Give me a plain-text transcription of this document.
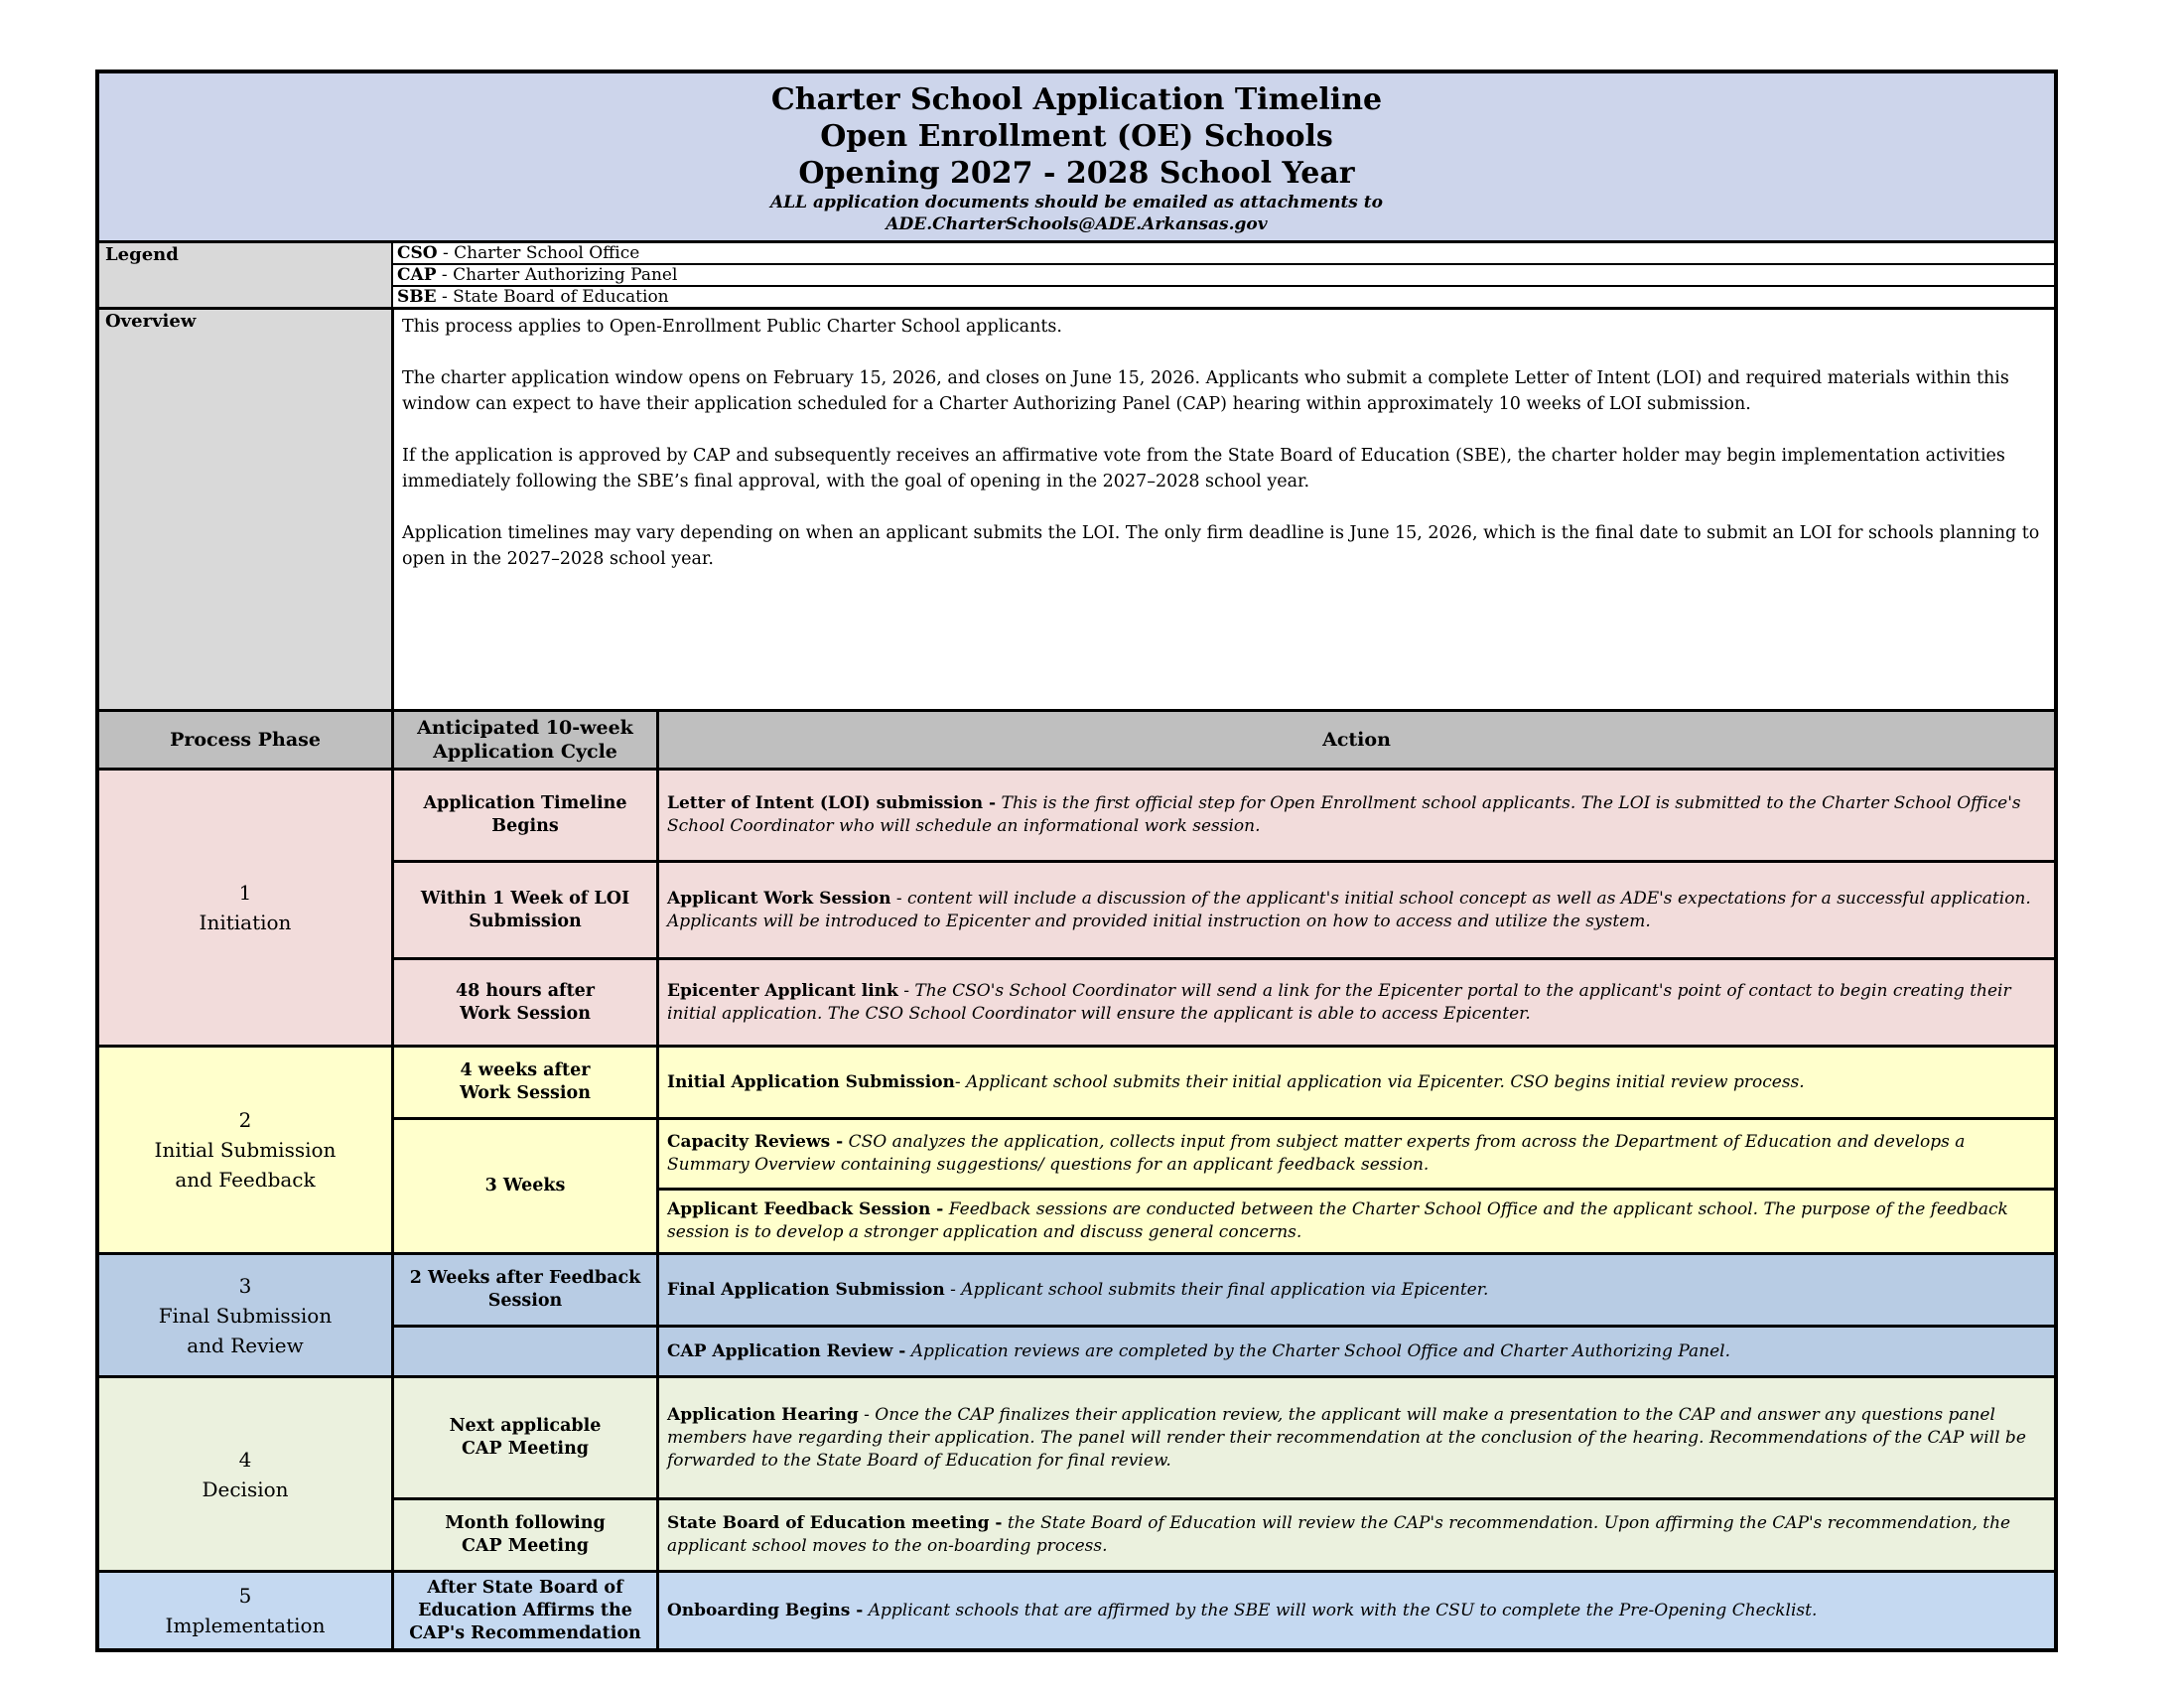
Charter School Application Timeline
Open Enrollment (OE) Schools
Opening 2027 - 2028 School Year
ALL application documents should be emailed as attachments to
ADE.CharterSchools@ADE.Arkansas.gov
Legend	CSO - Charter School Office
CAP - Charter Authorizing Panel
SBE - State Board of Education
Overview	This process applies to Open-Enrollment Public Charter School applicants.
The charter application window opens on February 15, 2026, and closes on June 15, 2026. Applicants who submit a complete Letter of Intent (LOI) and required materials within this window can expect to have their application scheduled for a Charter Authorizing Panel (CAP) hearing within approximately 10 weeks of LOI submission.
If the application is approved by CAP and subsequently receives an affirmative vote from the State Board of Education (SBE), the charter holder may begin implementation activities immediately following the SBE’s final approval, with the goal of opening in the 2027–2028 school year.
Application timelines may vary depending on when an applicant submits the LOI. The only firm deadline is June 15, 2026, which is the final date to submit an LOI for schools planning to open in the 2027–2028 school year.
Process Phase
Anticipated 10-week
Application Cycle
Action
1
Initiation
Application Timeline
Begins
Letter of Intent (LOI) submission - This is the first official step for Open Enrollment school applicants. The LOI is submitted to the Charter School Office's School Coordinator who will schedule an informational work session.
Within 1 Week of LOI
Submission
Applicant Work Session - content will include a discussion of the applicant's initial school concept as well as ADE's expectations for a successful application. Applicants will be introduced to Epicenter and provided initial instruction on how to access and utilize the system.
48 hours after
Work Session
Epicenter Applicant link - The CSO's School Coordinator will send a link for the Epicenter portal to the applicant's point of contact to begin creating their initial application. The CSO School Coordinator will ensure the applicant is able to access Epicenter.
2
Initial Submission
and Feedback
4 weeks after
Work Session
Initial Application Submission- Applicant school submits their initial application via Epicenter. CSO begins initial review process.
3 Weeks
Capacity Reviews - CSO analyzes the application, collects input from subject matter experts from across the Department of Education and develops a Summary Overview containing suggestions/ questions for an applicant feedback session.
Applicant Feedback Session - Feedback sessions are conducted between the Charter School Office and the applicant school. The purpose of the feedback session is to develop a stronger application and discuss general concerns.
3
Final Submission
and Review
2 Weeks after Feedback
Session
Final Application Submission - Applicant school submits their final application via Epicenter.
CAP Application Review - Application reviews are completed by the Charter School Office and Charter Authorizing Panel.
4
Decision
Next applicable
CAP Meeting
Application Hearing - Once the CAP finalizes their application review, the applicant will make a presentation to the CAP and answer any questions panel members have regarding their application. The panel will render their recommendation at the conclusion of the hearing. Recommendations of the CAP will be forwarded to the State Board of Education for final review.
Month following
CAP Meeting
State Board of Education meeting - the State Board of Education will review the CAP's recommendation. Upon affirming the CAP's recommendation, the applicant school moves to the on-boarding process.
5
Implementation
After State Board of
Education Affirms the
CAP's Recommendation
Onboarding Begins - Applicant schools that are affirmed by the SBE will work with the CSU to complete the Pre-Opening Checklist.
